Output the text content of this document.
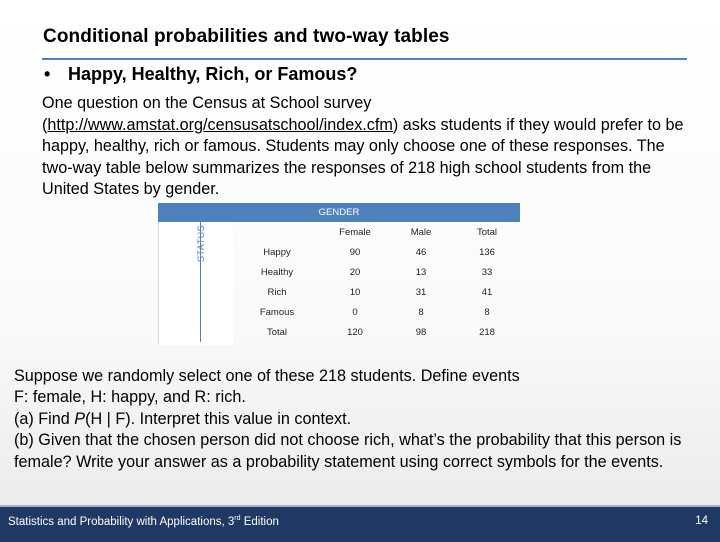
Conditional probabilities and two-way tables
• Happy, Healthy, Rich, or Famous?
One question on the Census at School survey (http://www.amstat.org/censusatschool/index.cfm) asks students if they would prefer to be happy, healthy, rich or famous. Students may only choose one of these responses. The two-way table below summarizes the responses of 218 high school students from the United States by gender.
GENDER
STATUS
		Female	Male	Total
Happy	90	46	136
Healthy	20	13	33
Rich	10	31	41
Famous	0	8	8
Total	120	98	218

Suppose we randomly select one of these 218 students. Define events

F: female, H: happy, and R: rich.

(a) Find P(H | F). Interpret this value in context.

(b) Given that the chosen person did not choose rich, what’s the probability that this person is female? Write your answer as a probability statement using correct symbols for the events.

Statistics and Probability with Applications, 3rd Edition	14
